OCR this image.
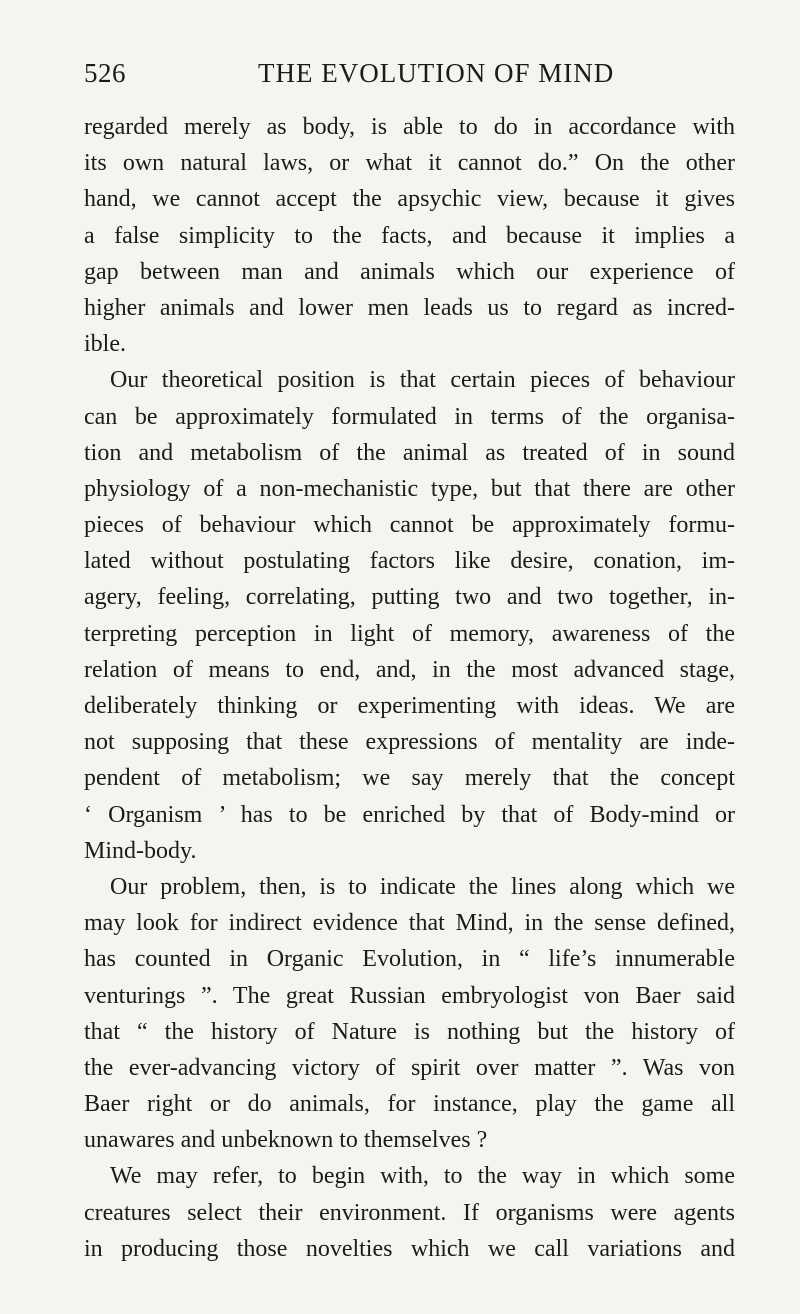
526	THE EVOLUTION OF MIND

regarded merely as body, is able to do in accordance with
its own natural laws, or what it cannot do.” On the other
hand, we cannot accept the apsychic view, because it gives
a false simplicity to the facts, and because it implies a
gap between man and animals which our experience of
higher animals and lower men leads us to regard as incred-
ible.

Our theoretical position is that certain pieces of behaviour
can be approximately formulated in terms of the organisa-
tion and metabolism of the animal as treated of in sound
physiology of a non-mechanistic type, but that there are other
pieces of behaviour which cannot be approximately formu-
lated without postulating factors like desire, conation, im-
agery, feeling, correlating, putting two and two together, in-
terpreting perception in light of memory, awareness of the
relation of means to end, and, in the most advanced stage,
deliberately thinking or experimenting with ideas. We are
not supposing that these expressions of mentality are inde-
pendent of metabolism; we say merely that the concept
‘ Organism ’ has to be enriched by that of Body-mind or
Mind-body.

Our problem, then, is to indicate the lines along which we
may look for indirect evidence that Mind, in the sense defined,
has counted in Organic Evolution, in “ life’s innumerable
venturings ”. The great Russian embryologist von Baer said
that “ the history of Nature is nothing but the history of
the ever-advancing victory of spirit over matter ”. Was von
Baer right or do animals, for instance, play the game all
unawares and unbeknown to themselves ?

We may refer, to begin with, to the way in which some
creatures select their environment. If organisms were agents
in producing those novelties which we call variations and
